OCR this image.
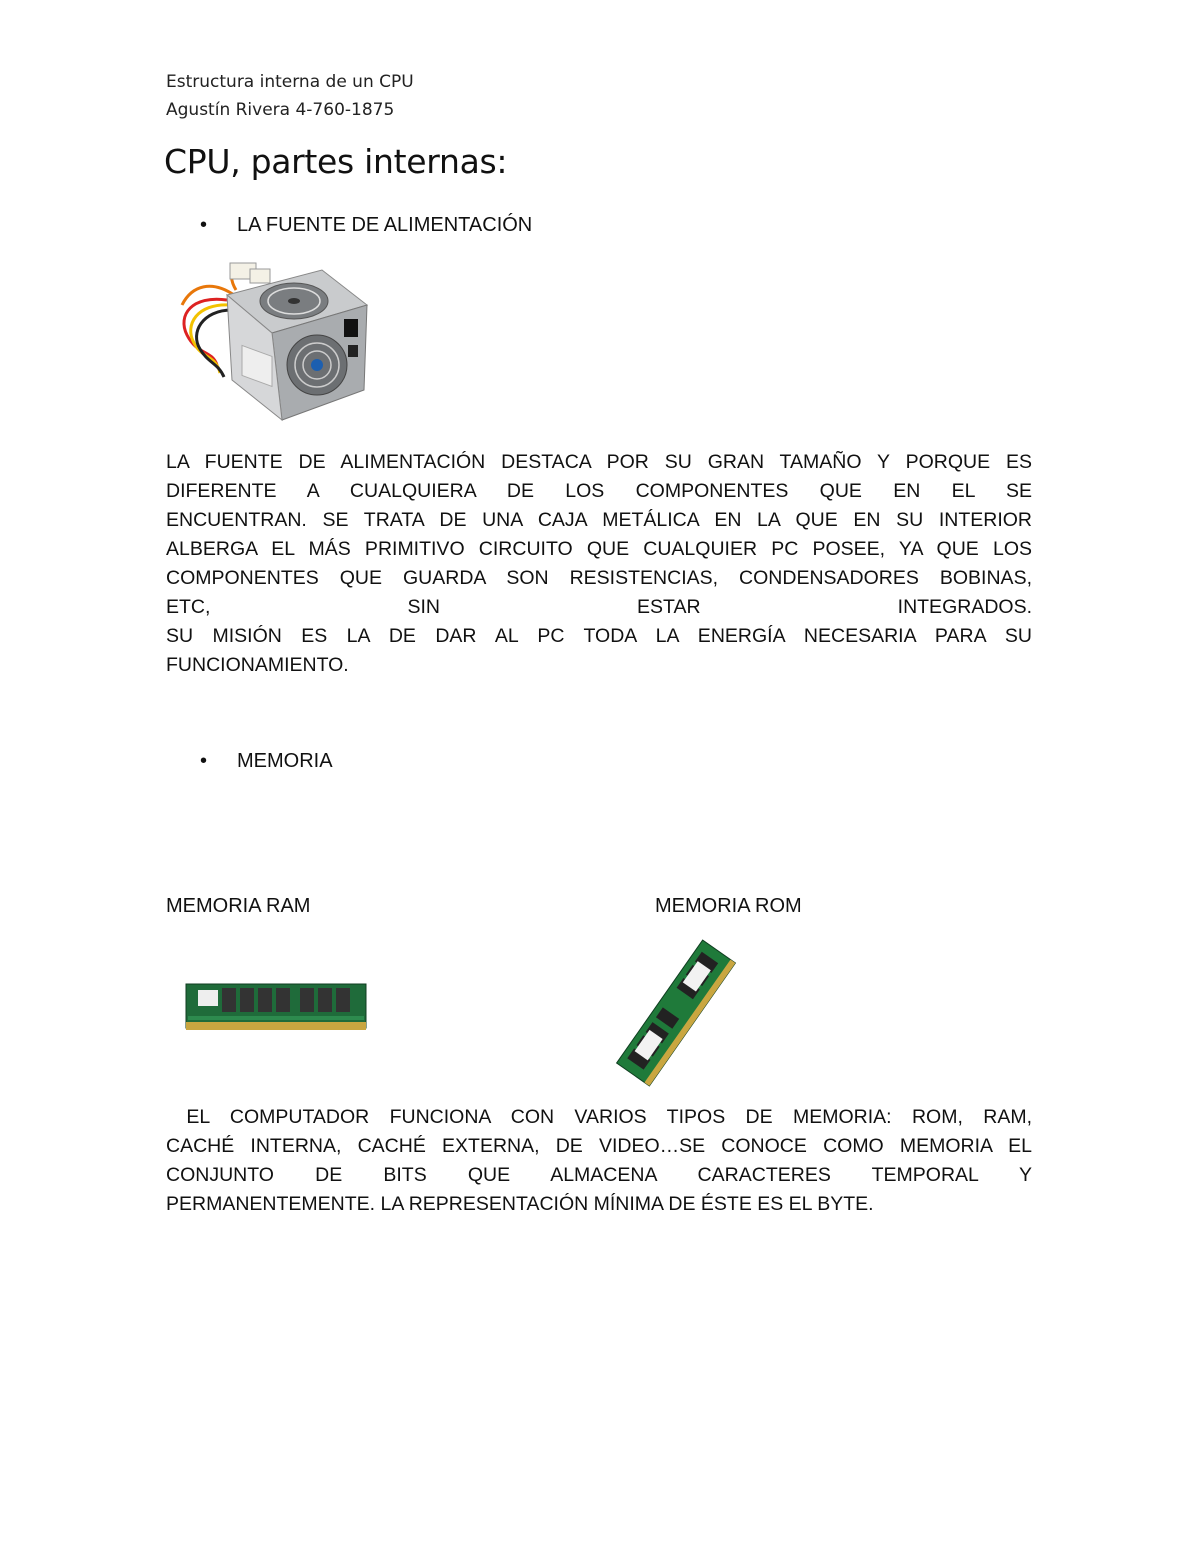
Estructura interna de un CPU
Agustín Rivera 4-760-1875
CPU, partes internas:
• LA FUENTE DE ALIMENTACIÓN
LA FUENTE DE ALIMENTACIÓN DESTACA POR SU GRAN TAMAÑO Y PORQUE ES
DIFERENTE A CUALQUIERA DE LOS COMPONENTES QUE EN EL SE
ENCUENTRAN. SE TRATA DE UNA CAJA METÁLICA EN LA QUE EN SU INTERIOR
ALBERGA EL MÁS PRIMITIVO CIRCUITO QUE CUALQUIER PC POSEE, YA QUE LOS
COMPONENTES QUE GUARDA SON RESISTENCIAS, CONDENSADORES BOBINAS,
ETC, SIN ESTAR INTEGRADOS.
SU MISIÓN ES LA DE DAR AL PC TODA LA ENERGÍA NECESARIA PARA SU
FUNCIONAMIENTO.
• MEMORIA
MEMORIA RAM	MEMORIA ROM
EL COMPUTADOR FUNCIONA CON VARIOS TIPOS DE MEMORIA: ROM, RAM,
CACHÉ INTERNA, CACHÉ EXTERNA, DE VIDEO…SE CONOCE COMO MEMORIA EL
CONJUNTO DE BITS QUE ALMACENA CARACTERES TEMPORAL Y
PERMANENTEMENTE. LA REPRESENTACIÓN MÍNIMA DE ÉSTE ES EL BYTE.
